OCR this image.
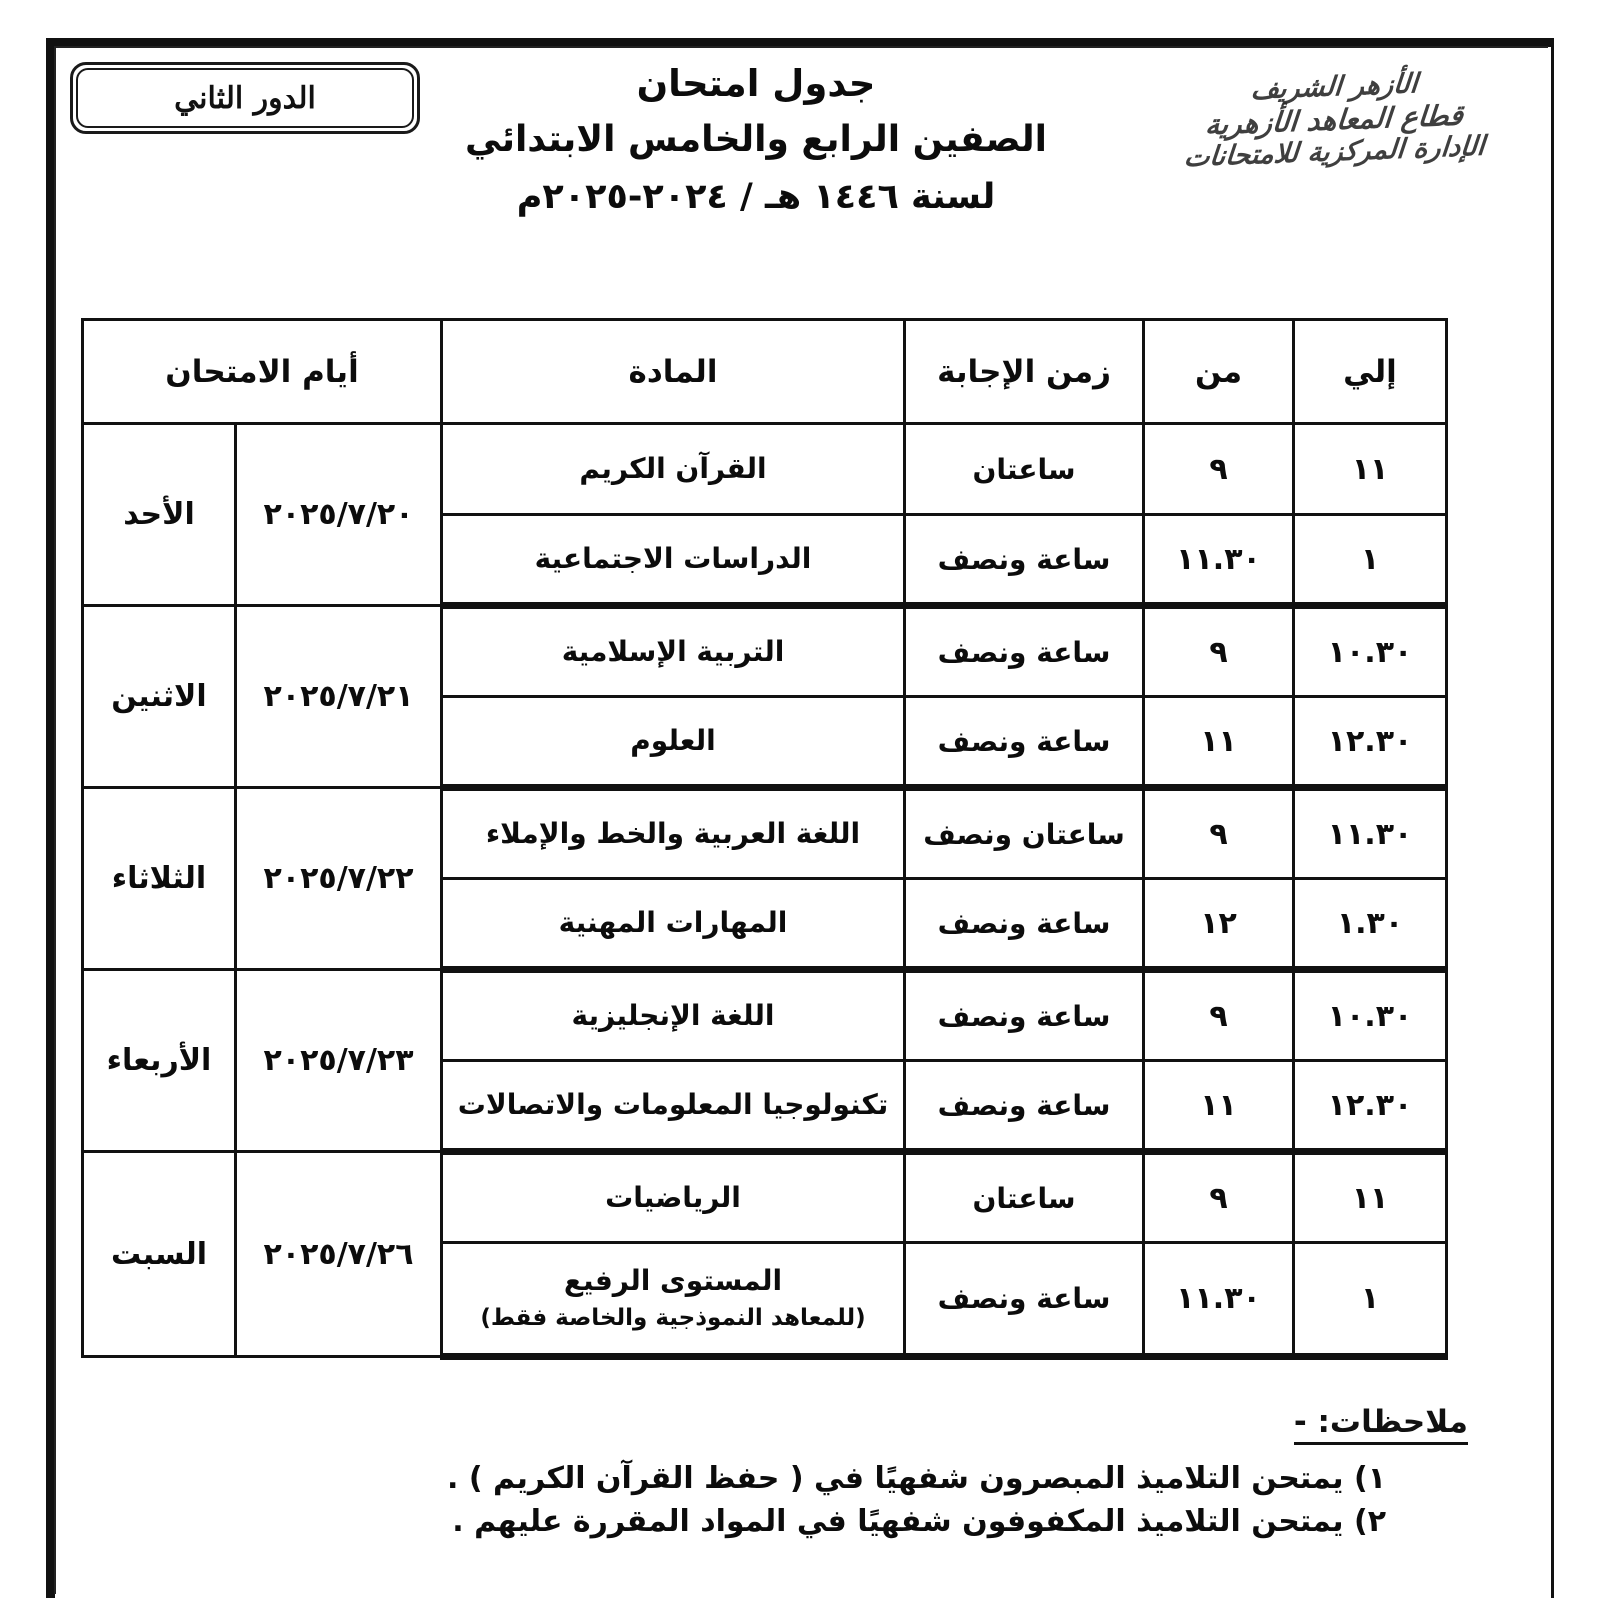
الدور الثاني	جدول امتحان
الصفين الرابع والخامس الابتدائي
لسنة ١٤٤٦ هـ / ٢٠٢٤-٢٠٢٥م
الأزهر الشريف
قطاع المعاهد الأزهرية
الإدارة المركزية للامتحانات
إلي	من	زمن الإجابة	المادة	أيام الامتحان	
١١	٩	ساعتان	القرآن الكريم	٢٠٢٥/٧/٢٠	الأحد
١	١١.٣٠	ساعة ونصف	الدراسات الاجتماعية		

١٠.٣٠	٩	ساعة ونصف	التربية الإسلامية	٢٠٢٥/٧/٢١	الاثنين
١٢.٣٠	١١	ساعة ونصف	العلوم		

١١.٣٠	٩	ساعتان ونصف	اللغة العربية والخط والإملاء	٢٠٢٥/٧/٢٢	الثلاثاء
١.٣٠	١٢	ساعة ونصف	المهارات المهنية		

١٠.٣٠	٩	ساعة ونصف	اللغة الإنجليزية	٢٠٢٥/٧/٢٣	الأربعاء
١٢.٣٠	١١	ساعة ونصف	تكنولوجيا المعلومات والاتصالات		

١١	٩	ساعتان	الرياضيات	٢٠٢٥/٧/٢٦	السبت
١	١١.٣٠	ساعة ونصف	المستوى الرفيع
(للمعاهد النموذجية والخاصة فقط)		
ملاحظات: -
١) يمتحن التلاميذ المبصرون شفهيًا في ( حفظ القرآن الكريم ) .
٢) يمتحن التلاميذ المكفوفون شفهيًا في المواد المقررة عليهم .
